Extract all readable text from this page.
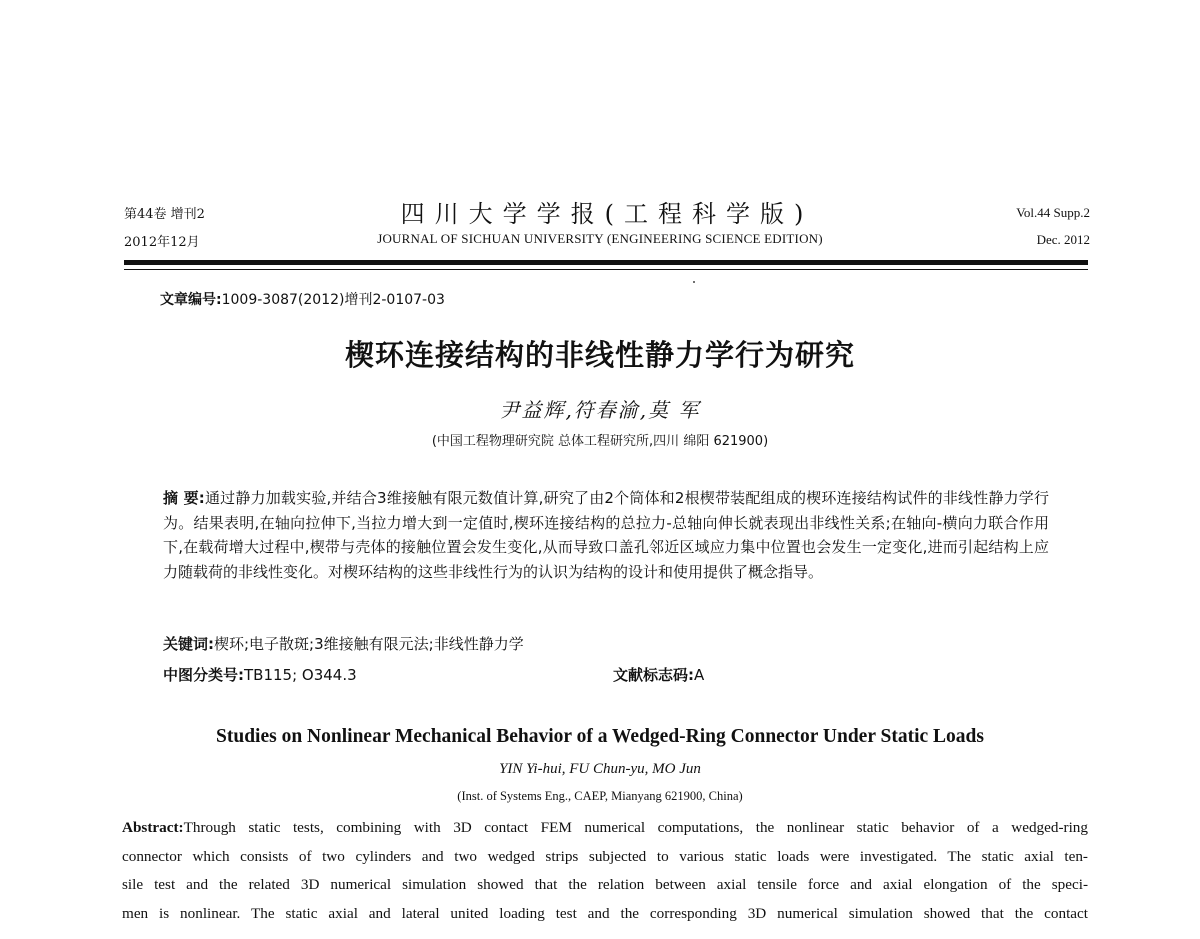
第44卷 增刊2
2012年12月
四川大学学报(工程科学版)
JOURNAL OF SICHUAN UNIVERSITY (ENGINEERING SCIENCE EDITION)
Vol.44 Supp.2
Dec. 2012
文章编号:1009-3087(2012)增刊2-0107-03
楔环连接结构的非线性静力学行为研究
尹益辉,符春渝,莫 军
(中国工程物理研究院 总体工程研究所,四川 绵阳 621900)
摘 要:通过静力加载实验,并结合3维接触有限元数值计算,研究了由2个筒体和2根楔带装配组成的楔环连接结构试件的非线性静力学行为。结果表明,在轴向拉伸下,当拉力增大到一定值时,楔环连接结构的总拉力-总轴向伸长就表现出非线性关系;在轴向-横向力联合作用下,在载荷增大过程中,楔带与壳体的接触位置会发生变化,从而导致口盖孔邻近区域应力集中位置也会发生一定变化,进而引起结构上应力随载荷的非线性变化。对楔环结构的这些非线性行为的认识为结构的设计和使用提供了概念指导。
关键词:楔环;电子散斑;3维接触有限元法;非线性静力学
中图分类号:TB115; O344.3	文献标志码:A
Studies on Nonlinear Mechanical Behavior of a Wedged-Ring Connector Under Static Loads
YIN Yi-hui, FU Chun-yu, MO Jun
(Inst. of Systems Eng., CAEP, Mianyang 621900, China)
Abstract:Through static tests, combining with 3D contact FEM numerical computations, the nonlinear static behavior of a wedged-ring
connector which consists of two cylinders and two wedged strips subjected to various static loads were investigated. The static axial ten-
sile test and the related 3D numerical simulation showed that the relation between axial tensile force and axial elongation of the speci-
men is nonlinear. The static axial and lateral united loading test and the corresponding 3D numerical simulation showed that the contact
